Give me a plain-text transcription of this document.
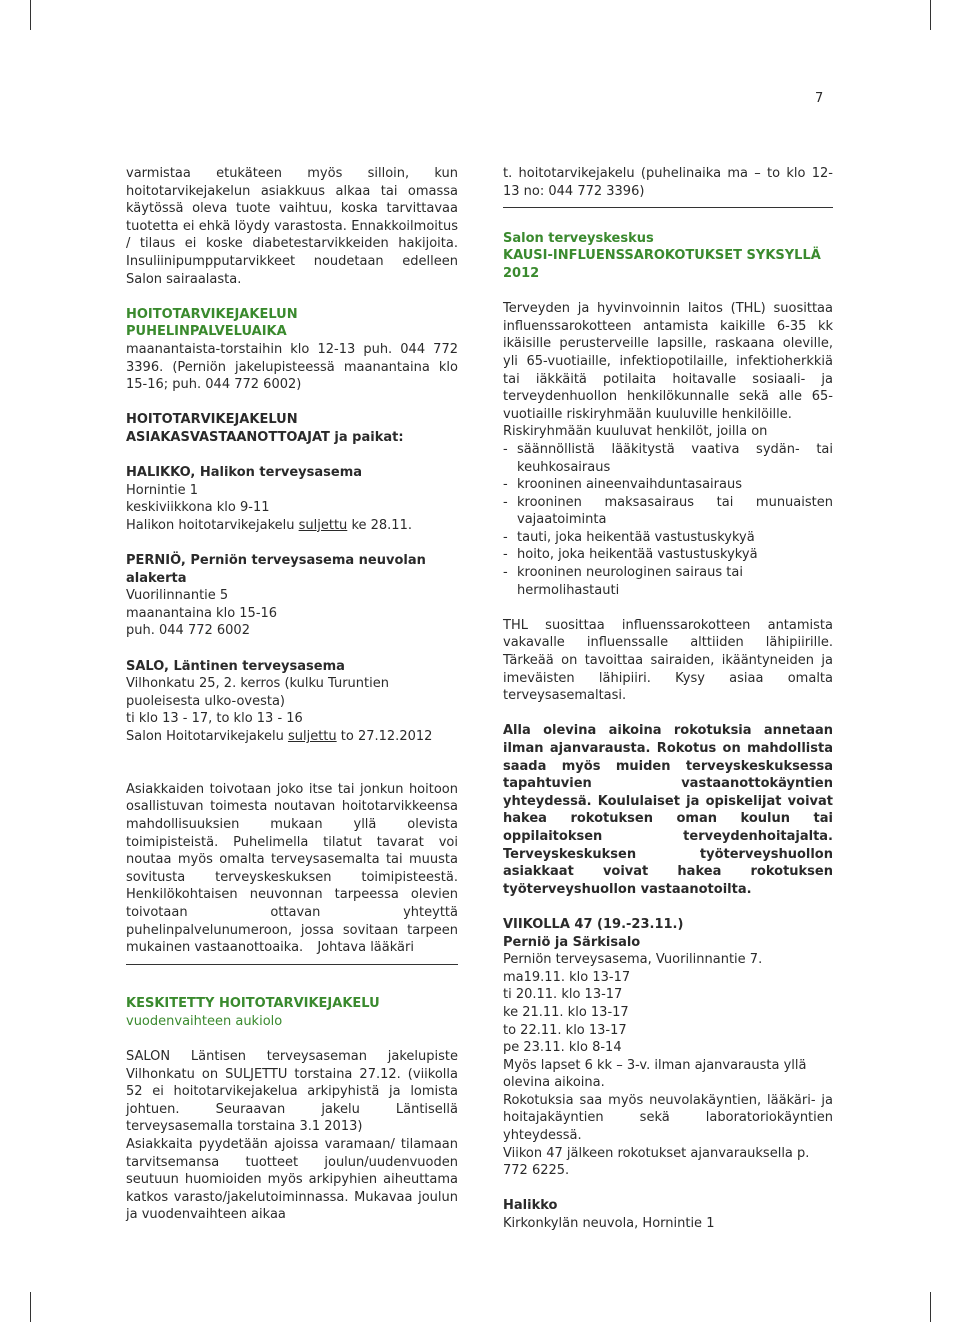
7

varmistaa etukäteen myös silloin, kun hoitotarvikejakelun asiakkuus alkaa tai omassa käytössä oleva tuote vaihtuu, koska tarvittavaa tuotetta ei ehkä löydy varastosta. Ennakkoilmoitus / tilaus ei koske diabetestarvikkeiden hakijoita. Insuliinipumpputarvikkeet noudetaan edelleen Salon sairaalasta.

HOITOTARVIKEJAKELUN PUHELINPALVELUAIKA

maanantaista-torstaihin klo 12-13 puh. 044 772 3396. (Perniön jakelupisteessä maanantaina klo 15-16; puh. 044 772 6002)

HOITOTARVIKEJAKELUN ASIAKASVASTAANOTTOAJAT ja paikat:

HALIKKO, Halikon terveysasema

Hornintie 1

keskiviikkona klo 9-11

Halikon hoitotarvikejakelu suljettu ke 28.11.

PERNIÖ, Perniön terveysasema neuvolan alakerta

Vuorilinnantie 5

maanantaina klo 15-16

puh. 044 772 6002

SALO, Läntinen terveysasema

Vilhonkatu 25, 2. kerros (kulku Turuntien puoleisesta ulko-ovesta)

ti klo 13 - 17, to klo 13 - 16

Salon Hoitotarvikejakelu suljettu to 27.12.2012

Asiakkaiden toivotaan joko itse tai jonkun hoitoon osallistuvan toimesta noutavan hoitotarvikkeensa mahdollisuuksien mukaan yllä olevista toimipisteistä. Puhelimella tilatut tavarat voi noutaa myös omalta terveysasemalta tai muusta sovitusta terveyskeskuksen toimipisteestä. Henkilökohtaisen neuvonnan tarpeessa olevien toivotaan ottavan yhteyttä puhelinpalvelunumeroon, jossa sovitaan tarpeen mukainen vastaanottoaika. Johtava lääkäri

KESKITETTY HOITOTARVIKEJAKELU

vuodenvaihteen aukiolo

SALON Läntisen terveysaseman jakelupiste Vilhonkatu on SULJETTU torstaina 27.12. (viikolla 52 ei hoitotarvikejakelua arkipyhistä ja lomista johtuen. Seuraavan jakelu Läntisellä terveysasemalla torstaina 3.1 2013)

Asiakkaita pyydetään ajoissa varamaan/ tilamaan tarvitsemansa tuotteet joulun/uudenvuoden seutuun huomioiden myös arkipyhien aiheuttama katkos varasto/jakelutoiminnassa. Mukavaa joulun ja vuodenvaihteen aikaa

t. hoitotarvikejakelu (puhelinaika ma – to klo 12-13 no: 044 772 3396)

Salon terveyskeskus

KAUSI-INFLUENSSAROKOTUKSET SYKSYLLÄ 2012

Terveyden ja hyvinvoinnin laitos (THL) suosittaa influenssarokotteen antamista kaikille 6-35 kk ikäisille perusterveille lapsille, raskaana oleville, yli 65-vuotiaille, infektiopotilaille, infektioherkkiä tai iäkkäitä potilaita hoitavalle sosiaali- ja terveydenhuollon henkilökunnalle sekä alle 65-vuotiaille riskiryhmään kuuluville henkilöille.

Riskiryhmään kuuluvat henkilöt, joilla on

- säännöllistä lääkitystä vaativa sydän- tai keuhkosairaus
- krooninen aineenvaihduntasairaus
- krooninen maksasairaus tai munuaisten vajaatoiminta
- tauti, joka heikentää vastustuskykyä
- hoito, joka heikentää vastustuskykyä
- krooninen neurologinen sairaus tai hermolihastauti

THL suosittaa influenssarokotteen antamista vakavalle influenssalle alttiiden lähipiirille. Tärkeää on tavoittaa sairaiden, ikääntyneiden ja imeväisten lähipiiri. Kysy asiaa omalta terveysasemaltasi.

Alla olevina aikoina rokotuksia annetaan ilman ajanvarausta. Rokotus on mahdollista saada myös muiden terveyskeskuksessa tapahtuvien vastaanottokäyntien yhteydessä. Koululaiset ja opiskelijat voivat hakea rokotuksen oman koulun tai oppilaitoksen terveydenhoitajalta. Terveyskeskuksen työterveyshuollon asiakkaat voivat hakea rokotuksen työterveyshuollon vastaanotoilta.

VIIKOLLA 47 (19.-23.11.)

Perniö ja Särkisalo

Perniön terveysasema, Vuorilinnantie 7.

ma19.11. klo 13-17

ti 20.11. klo 13-17

ke 21.11. klo 13-17

to 22.11. klo 13-17

pe 23.11. klo 8-14

Myös lapset 6 kk – 3-v. ilman ajanvarausta yllä olevina aikoina.

Rokotuksia saa myös neuvolakäyntien, lääkäri- ja hoitajakäyntien sekä laboratoriokäyntien yhteydessä.

Viikon 47 jälkeen rokotukset ajanvarauksella p. 772 6225.

Halikko

Kirkonkylän neuvola, Hornintie 1
